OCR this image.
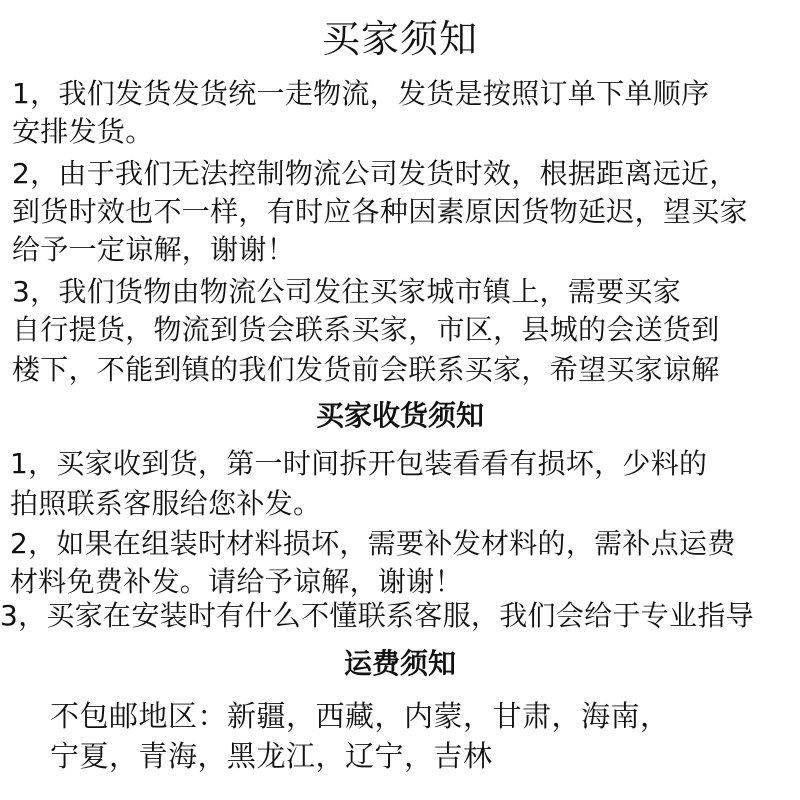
买家须知
1，我们发货发货统一走物流，发货是按照订单下单顺序
安排发货。
2，由于我们无法控制物流公司发货时效，根据距离远近，
到货时效也不一样，有时应各种因素原因货物延迟，望买家
给予一定谅解，谢谢！
3，我们货物由物流公司发往买家城市镇上，需要买家
自行提货，物流到货会联系买家，市区，县城的会送货到
楼下，不能到镇的我们发货前会联系买家，希望买家谅解
买家收货须知
1，买家收到货，第一时间拆开包装看看有损坏，少料的
拍照联系客服给您补发。
2，如果在组装时材料损坏，需要补发材料的，需补点运费
材料免费补发。请给予谅解，谢谢！
3，买家在安装时有什么不懂联系客服，我们会给于专业指导
运费须知
不包邮地区：新疆，西藏，内蒙，甘肃，海南，
宁夏，青海，黑龙江，辽宁，吉林
